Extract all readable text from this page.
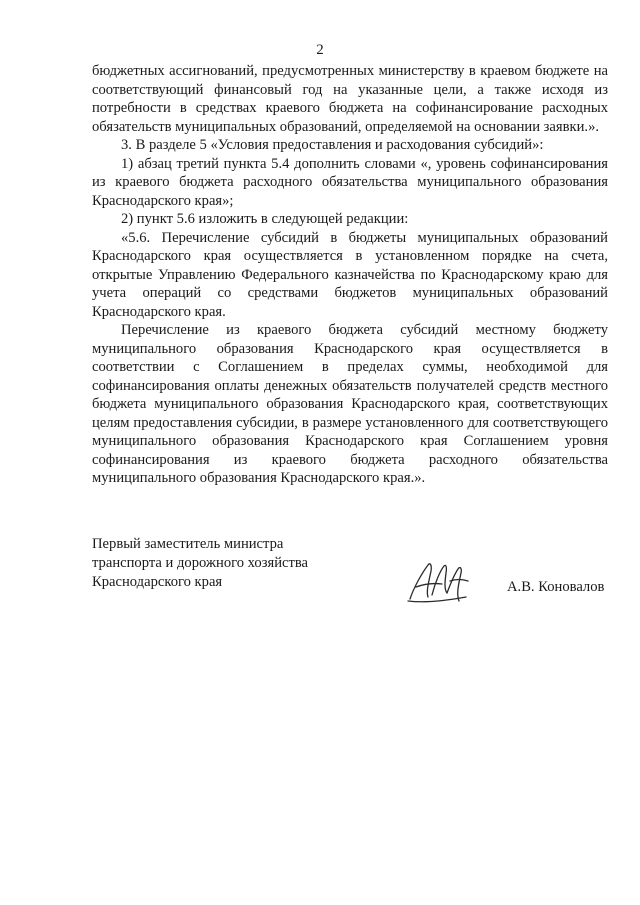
2

бюджетных ассигнований, предусмотренных министерству в краевом бюджете на соответствующий финансовый год на указанные цели, а также исходя из потребности в средствах краевого бюджета на софинансирование расходных обязательств муниципальных образований, определяемой на основании заявки.».

3. В разделе 5 «Условия предоставления и расходования субсидий»:

1) абзац третий пункта 5.4 дополнить словами «, уровень софинансирования из краевого бюджета расходного обязательства муниципального образования Краснодарского края»;

2) пункт 5.6 изложить в следующей редакции:

«5.6. Перечисление субсидий в бюджеты муниципальных образований Краснодарского края осуществляется в установленном порядке на счета, открытые Управлению Федерального казначейства по Краснодарскому краю для учета операций со средствами бюджетов муниципальных образований Краснодарского края.

Перечисление из краевого бюджета субсидий местному бюджету муниципального образования Краснодарского края осуществляется в соответствии с Соглашением в пределах суммы, необходимой для софинансирования оплаты денежных обязательств получателей средств местного бюджета муниципального образования Краснодарского края, соответствующих целям предоставления субсидии, в размере установленного для соответствующего муниципального образования Краснодарского края Соглашением уровня софинансирования из краевого бюджета расходного обязательства муниципального образования Краснодарского края.».

Первый заместитель министра
транспорта и дорожного хозяйства
Краснодарского края	А.В. Коновалов
